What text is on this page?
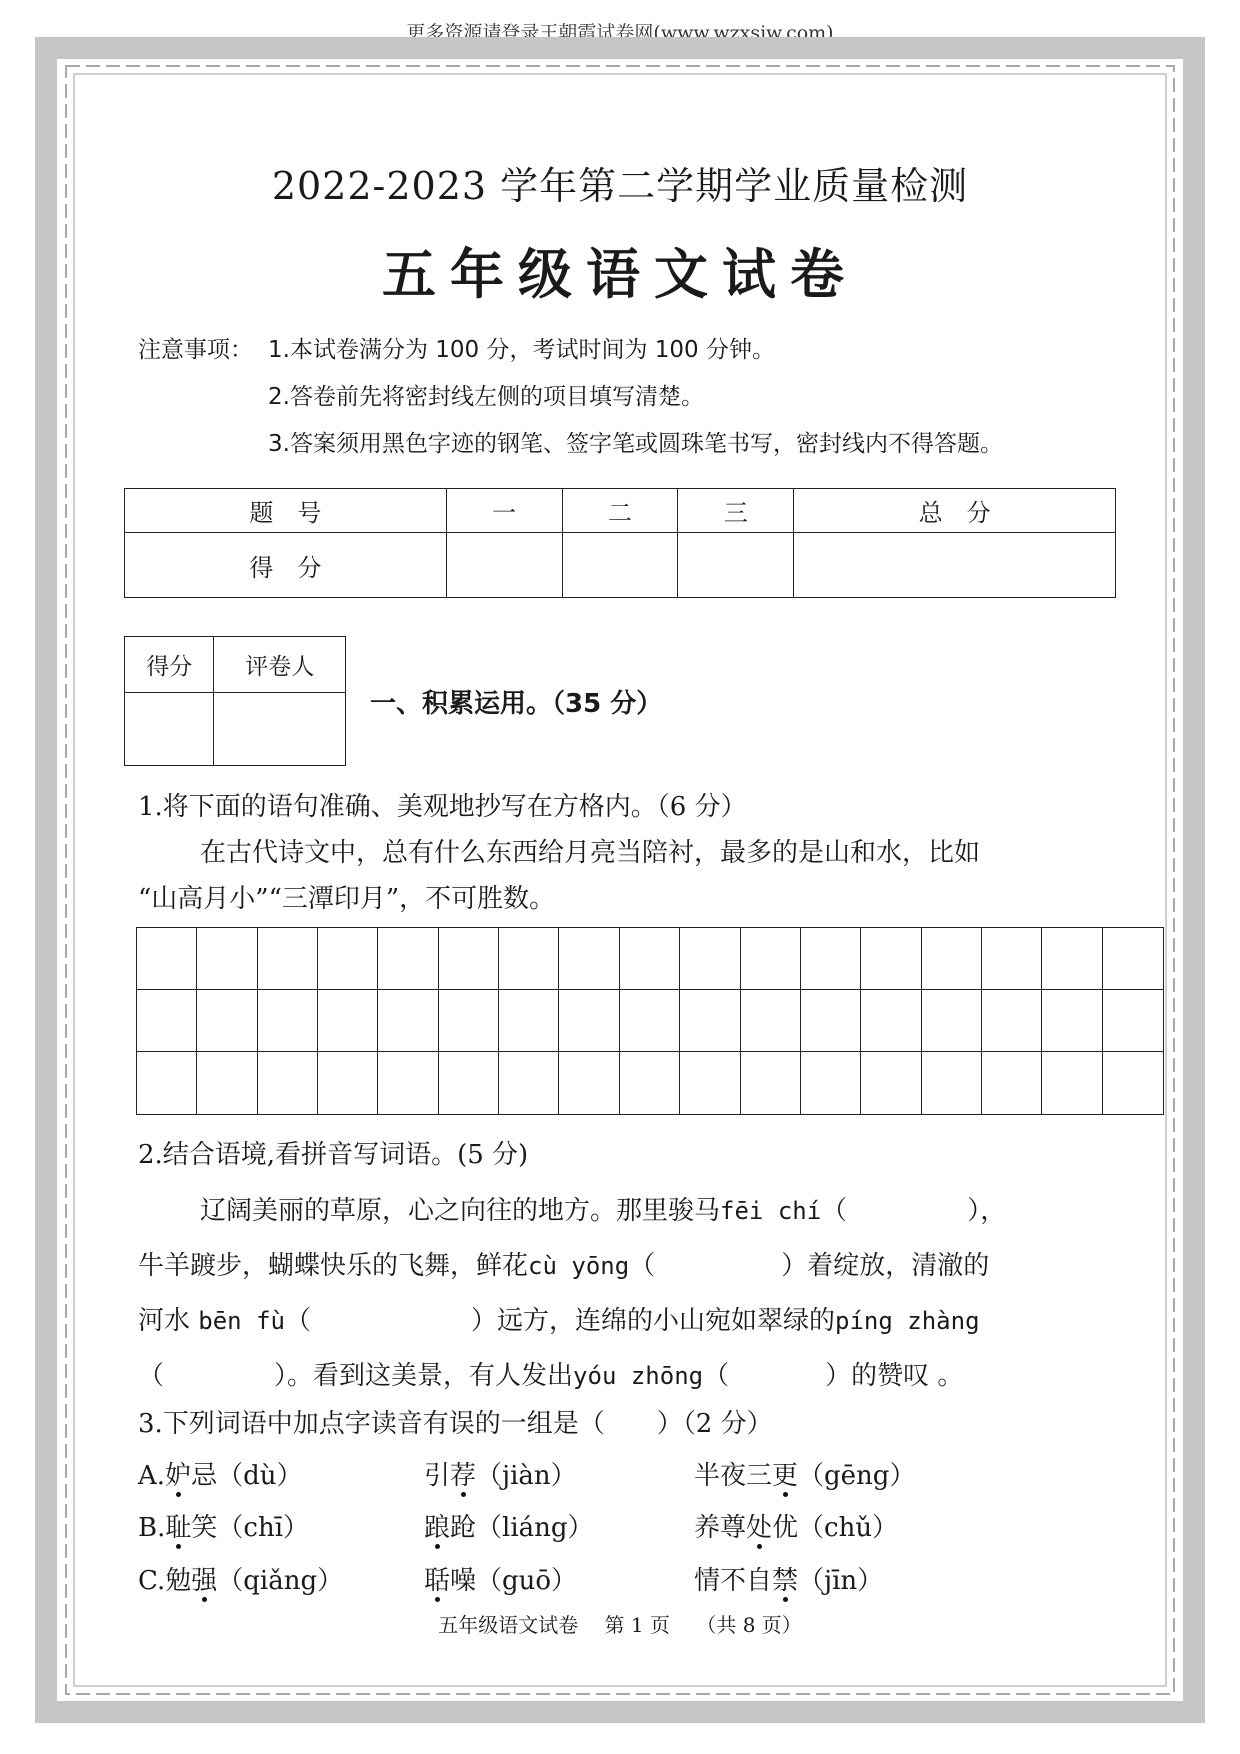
更多资源请登录王朝霞试卷网(www.wzxsjw.com)
2022-2023 学年第二学期学业质量检测
五年级语文试卷
注意事项： 1.本试卷满分为 100 分，考试时间为 100 分钟。
2.答卷前先将密封线左侧的项目填写清楚。
3.答案须用黑色字迹的钢笔、签字笔或圆珠笔书写，密封线内不得答题。
题　号	一	二	三	总　分
得　分				
得分	评卷人

一、积累运用。（35 分）
1.将下面的语句准确、美观地抄写在方格内。（6 分）
在古代诗文中，总有什么东西给月亮当陪衬，最多的是山和水，比如
“山高月小”“三潭印月”，不可胜数。
2.结合语境,看拼音写词语。(5 分)
辽阔美丽的草原，心之向往的地方。那里骏马fēi chí（	），
牛羊踱步，蝴蝶快乐的飞舞，鲜花cù yōng（	）着绽放，清澈的
河水 bēn fù（	）远方，连绵的小山宛如翠绿的píng zhàng
（	）。看到这美景，有人发出yóu zhōng（	）的赞叹 。
3.下列词语中加点字读音有误的一组是（　　）（2 分）
A.妒忌（dù）	引荐（jiàn）	半夜三更（gēng）
B.耻笑（chī）	踉跄（liáng）	养尊处优（chǔ）
C.勉强（qiǎng）	聒噪（guō）	情不自禁（jīn）
五年级语文试卷　 第 1 页　 （共 8 页）
